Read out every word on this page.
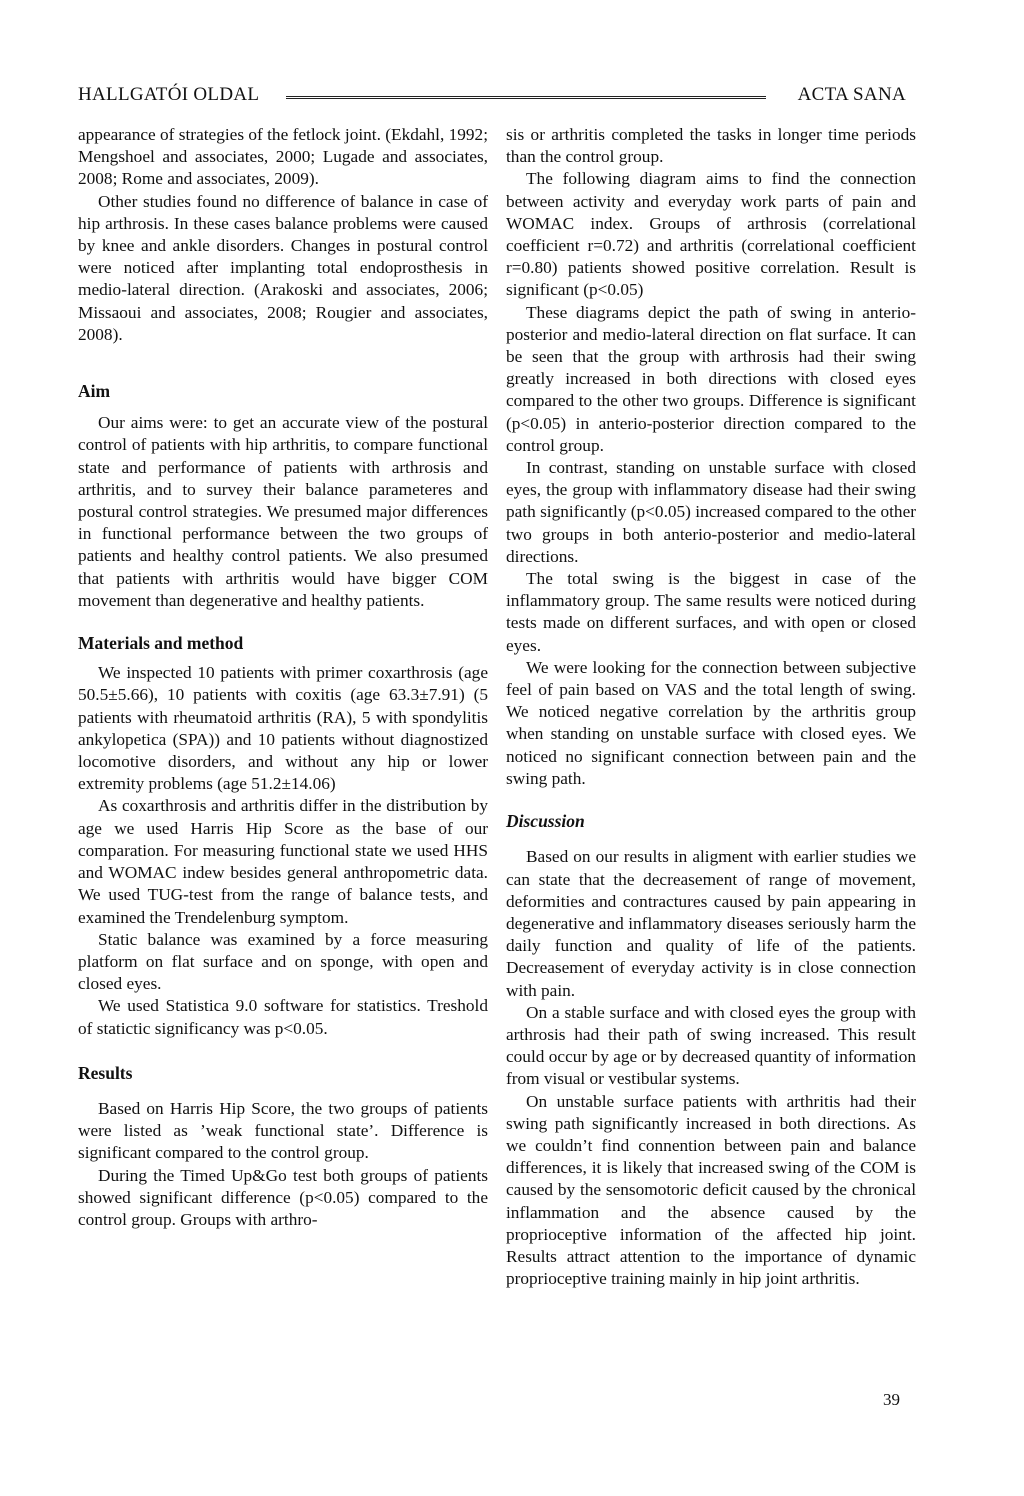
HALLGATÓI OLDAL	ACTA SANA

appearance of strategies of the fetlock joint. (Ekdahl, 1992; Mengshoel and associates, 2000; Lugade and associates, 2008; Rome and associates, 2009).

Other studies found no difference of balance in case of hip arthrosis. In these cases balance problems were caused by knee and ankle disorders. Changes in postural control were noticed after implanting total endoprosthesis in medio-lateral direction. (Arakoski and associates, 2006; Missaoui and associates, 2008; Rougier and associates, 2008).

Aim

Our aims were: to get an accurate view of the postural control of patients with hip arthritis, to compare functional state and performance of patients with arthrosis and arthritis, and to survey their balance parameteres and postural control strategies. We presumed major differences in functional performance between the two groups of patients and healthy control patients. We also presumed that patients with arthritis would have bigger COM movement than degenerative and healthy patients.

Materials and method

We inspected 10 patients with primer coxarthrosis (age 50.5±5.66), 10 patients with coxitis (age 63.3±7.91) (5 patients with rheumatoid arthritis (RA), 5 with spondylitis ankylopetica (SPA)) and 10 patients without diagnostized locomotive disorders, and without any hip or lower extremity problems (age 51.2±14.06)

As coxarthrosis and arthritis differ in the distribution by age we used Harris Hip Score as the base of our comparation. For measuring functional state we used HHS and WOMAC indew besides general anthropometric data. We used TUG-test from the range of balance tests, and examined the Trendelenburg symptom.

Static balance was examined by a force measuring platform on flat surface and on sponge, with open and closed eyes.

We used Statistica 9.0 software for statistics. Treshold of statictic significancy was p<0.05.

Results

Based on Harris Hip Score, the two groups of patients were listed as ’weak functional state’. Difference is significant compared to the control group.

During the Timed Up&Go test both groups of patients showed significant difference (p<0.05) compared to the control group. Groups with arthro-

sis or arthritis completed the tasks in longer time periods than the control group.

The following diagram aims to find the connection between activity and everyday work parts of pain and WOMAC index. Groups of arthrosis (correlational coefficient r=0.72) and arthritis (correlational coefficient r=0.80) patients showed positive correlation. Result is significant (p<0.05)

These diagrams depict the path of swing in anterio-posterior and medio-lateral direction on flat surface. It can be seen that the group with arthrosis had their swing greatly increased in both directions with closed eyes compared to the other two groups. Difference is significant (p<0.05) in anterio-posterior direction compared to the control group.

In contrast, standing on unstable surface with closed eyes, the group with inflammatory disease had their swing path significantly (p<0.05) increased compared to the other two groups in both anterio-posterior and medio-lateral directions.

The total swing is the biggest in case of the inflammatory group. The same results were noticed during tests made on different surfaces, and with open or closed eyes.

We were looking for the connection between subjective feel of pain based on VAS and the total length of swing. We noticed negative correlation by the arthritis group when standing on unstable surface with closed eyes. We noticed no significant connection between pain and the swing path.

Discussion

Based on our results in aligment with earlier studies we can state that the decreasement of range of movement, deformities and contractures caused by pain appearing in degenerative and inflammatory diseases seriously harm the daily function and quality of life of the patients. Decreasement of everyday activity is in close connection with pain.

On a stable surface and with closed eyes the group with arthrosis had their path of swing increased. This result could occur by age or by decreased quantity of information from visual or vestibular systems.

On unstable surface patients with arthritis had their swing path significantly increased in both directions. As we couldn’t find connention between pain and balance differences, it is likely that increased swing of the COM is caused by the sensomotoric deficit caused by the chronical inflammation and the absence caused by the proprioceptive information of the affected hip joint. Results attract attention to the importance of dynamic proprioceptive training mainly in hip joint arthritis.

39
